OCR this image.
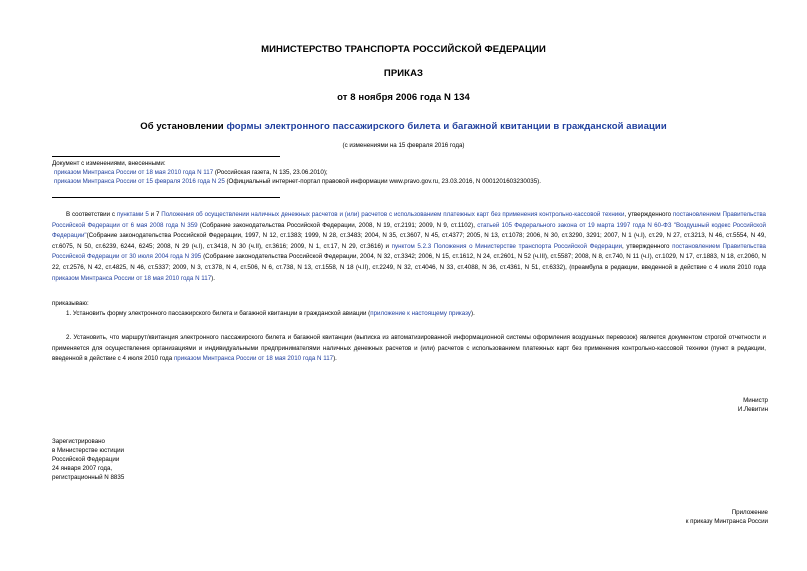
МИНИСТЕРСТВО ТРАНСПОРТА РОССИЙСКОЙ ФЕДЕРАЦИИ
ПРИКАЗ
от 8 ноября 2006 года N 134
Об установлении формы электронного пассажирского билета и багажной квитанции в гражданской авиации
(с изменениями на 15 февраля 2016 года)
Документ с изменениями, внесенными:
приказом Минтранса России от 18 мая 2010 года N 117 (Российская газета, N 135, 23.06.2010);
приказом Минтранса России от 15 февраля 2016 года N 25 (Официальный интернет-портал правовой информации www.pravo.gov.ru, 23.03.2016, N 0001201603230035).
В соответствии с пунктами 5 и 7 Положения об осуществлении наличных денежных расчетов и (или) расчетов с использованием платежных карт без применения контрольно-кассовой техники, утвержденного постановлением Правительства Российской Федерации от 6 мая 2008 года N 359 (Собрание законодательства Российской Федерации, 2008, N 19, ст.2191; 2009, N 9, ст.1102), статьей 105 Федерального закона от 19 марта 1997 года N 60-ФЗ "Воздушный кодекс Российской Федерации"(Собрание законодательства Российской Федерации, 1997, N 12, ст.1383; 1999, N 28, ст.3483; 2004, N 35, ст.3607, N 45, ст.4377; 2005, N 13, ст.1078; 2006, N 30, ст.3290, 3291; 2007, N 1 (ч.I), ст.29, N 27, ст.3213, N 46, ст.5554, N 49, ст.6075, N 50, ст.6239, 6244, 6245; 2008, N 29 (ч.I), ст.3418, N 30 (ч.II), ст.3616; 2009, N 1, ст.17, N 29, ст.3616) и пунктом 5.2.3 Положения о Министерстве транспорта Российской Федерации, утвержденного постановлением Правительства Российской Федерации от 30 июля 2004 года N 395 (Собрание законодательства Российской Федерации, 2004, N 32, ст.3342; 2006, N 15, ст.1612, N 24, ст.2601, N 52 (ч.III), ст.5587; 2008, N 8, ст.740, N 11 (ч.I), ст.1029, N 17, ст.1883, N 18, ст.2060, N 22, ст.2576, N 42, ст.4825, N 46, ст.5337; 2009, N 3, ст.378, N 4, ст.506, N 6, ст.738, N 13, ст.1558, N 18 (ч.II), ст.2249, N 32, ст.4046, N 33, ст.4088, N 36, ст.4361, N 51, ст.6332), (преамбула в редакции, введенной в действие с 4 июля 2010 года приказом Минтранса России от 18 мая 2010 года N 117).
приказываю:
1. Установить форму электронного пассажирского билета и багажной квитанции в гражданской авиации (приложение к настоящему приказу).
2. Установить, что маршрут/квитанция электронного пассажирского билета и багажной квитанции (выписка из автоматизированной информационной системы оформления воздушных перевозок) является документом строгой отчетности и применяется для осуществления организациями и индивидуальными предпринимателями наличных денежных расчетов и (или) расчетов с использованием платежных карт без применения контрольно-кассовой техники (пункт в редакции, введенной в действие с 4 июля 2010 года приказом Минтранса России от 18 мая 2010 года N 117).
Министр
И.Левитин
Зарегистрировано
в Министерстве юстиции
Российской Федерации
24 января 2007 года,
регистрационный N 8835
Приложение
к приказу Минтранса России
